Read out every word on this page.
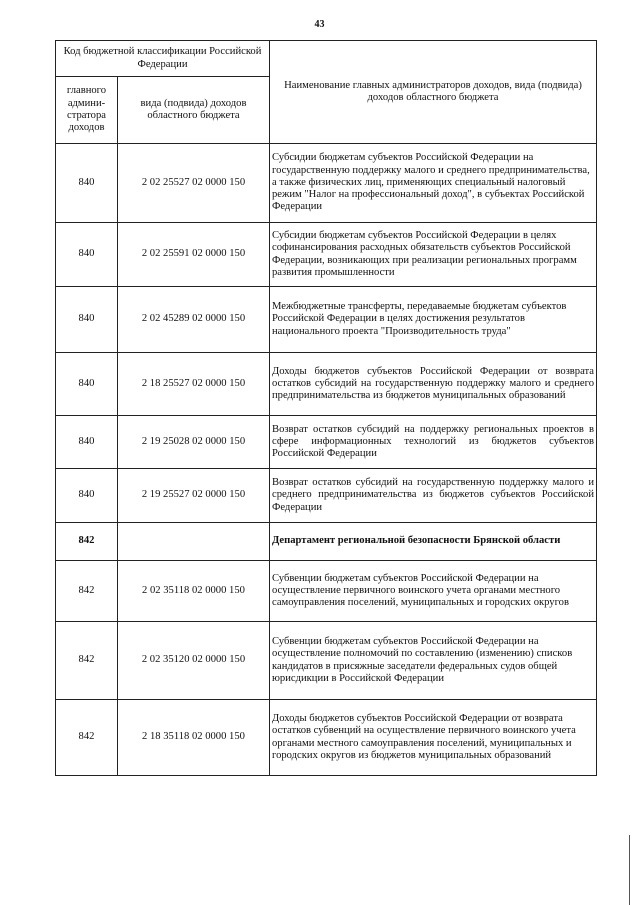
43
Код бюджетной классификации Российской Федерации		Наименование главных администраторов доходов, вида (подвида) доходов областного бюджета
главного админи-стратора доходов	вида (подвида) доходов областного бюджета	
840	2 02 25527 02 0000 150	Субсидии бюджетам субъектов Российской Федерации на государственную поддержку малого и среднего предпринимательства, а также физических лиц, применяющих специальный налоговый режим "Налог на профессиональный доход", в субъектах Российской Федерации
840	2 02 25591 02 0000 150	Субсидии бюджетам субъектов Российской Федерации в целях софинансирования расходных обязательств субъектов Российской Федерации, возникающих при реализации региональных программ развития промышленности
840	2 02 45289 02 0000 150	Межбюджетные трансферты, передаваемые бюджетам субъектов Российской Федерации в целях достижения результатов национального проекта "Производительность труда"
840	2 18 25527 02 0000 150	Доходы бюджетов субъектов Российской Федерации от возврата остатков субсидий на государственную поддержку малого и среднего предпринимательства из бюджетов муниципальных образований
840	2 19 25028 02 0000 150	Возврат остатков субсидий на поддержку региональных проектов в сфере информационных технологий из бюджетов субъектов Российской Федерации
840	2 19 25527 02 0000 150	Возврат остатков субсидий на государственную поддержку малого и среднего предпринимательства из бюджетов субъектов Российской Федерации
842		Департамент региональной безопасности Брянской области
842	2 02 35118 02 0000 150	Субвенции бюджетам субъектов Российской Федерации на осуществление первичного воинского учета органами местного самоуправления поселений, муниципальных и городских округов
842	2 02 35120 02 0000 150	Субвенции бюджетам субъектов Российской Федерации на осуществление полномочий по составлению (изменению) списков кандидатов в присяжные заседатели федеральных судов общей юрисдикции в Российской Федерации
842	2 18 35118 02 0000 150	Доходы бюджетов субъектов Российской Федерации от возврата остатков субвенций на осуществление первичного воинского учета органами местного самоуправления поселений, муниципальных и городских округов из бюджетов муниципальных образований
